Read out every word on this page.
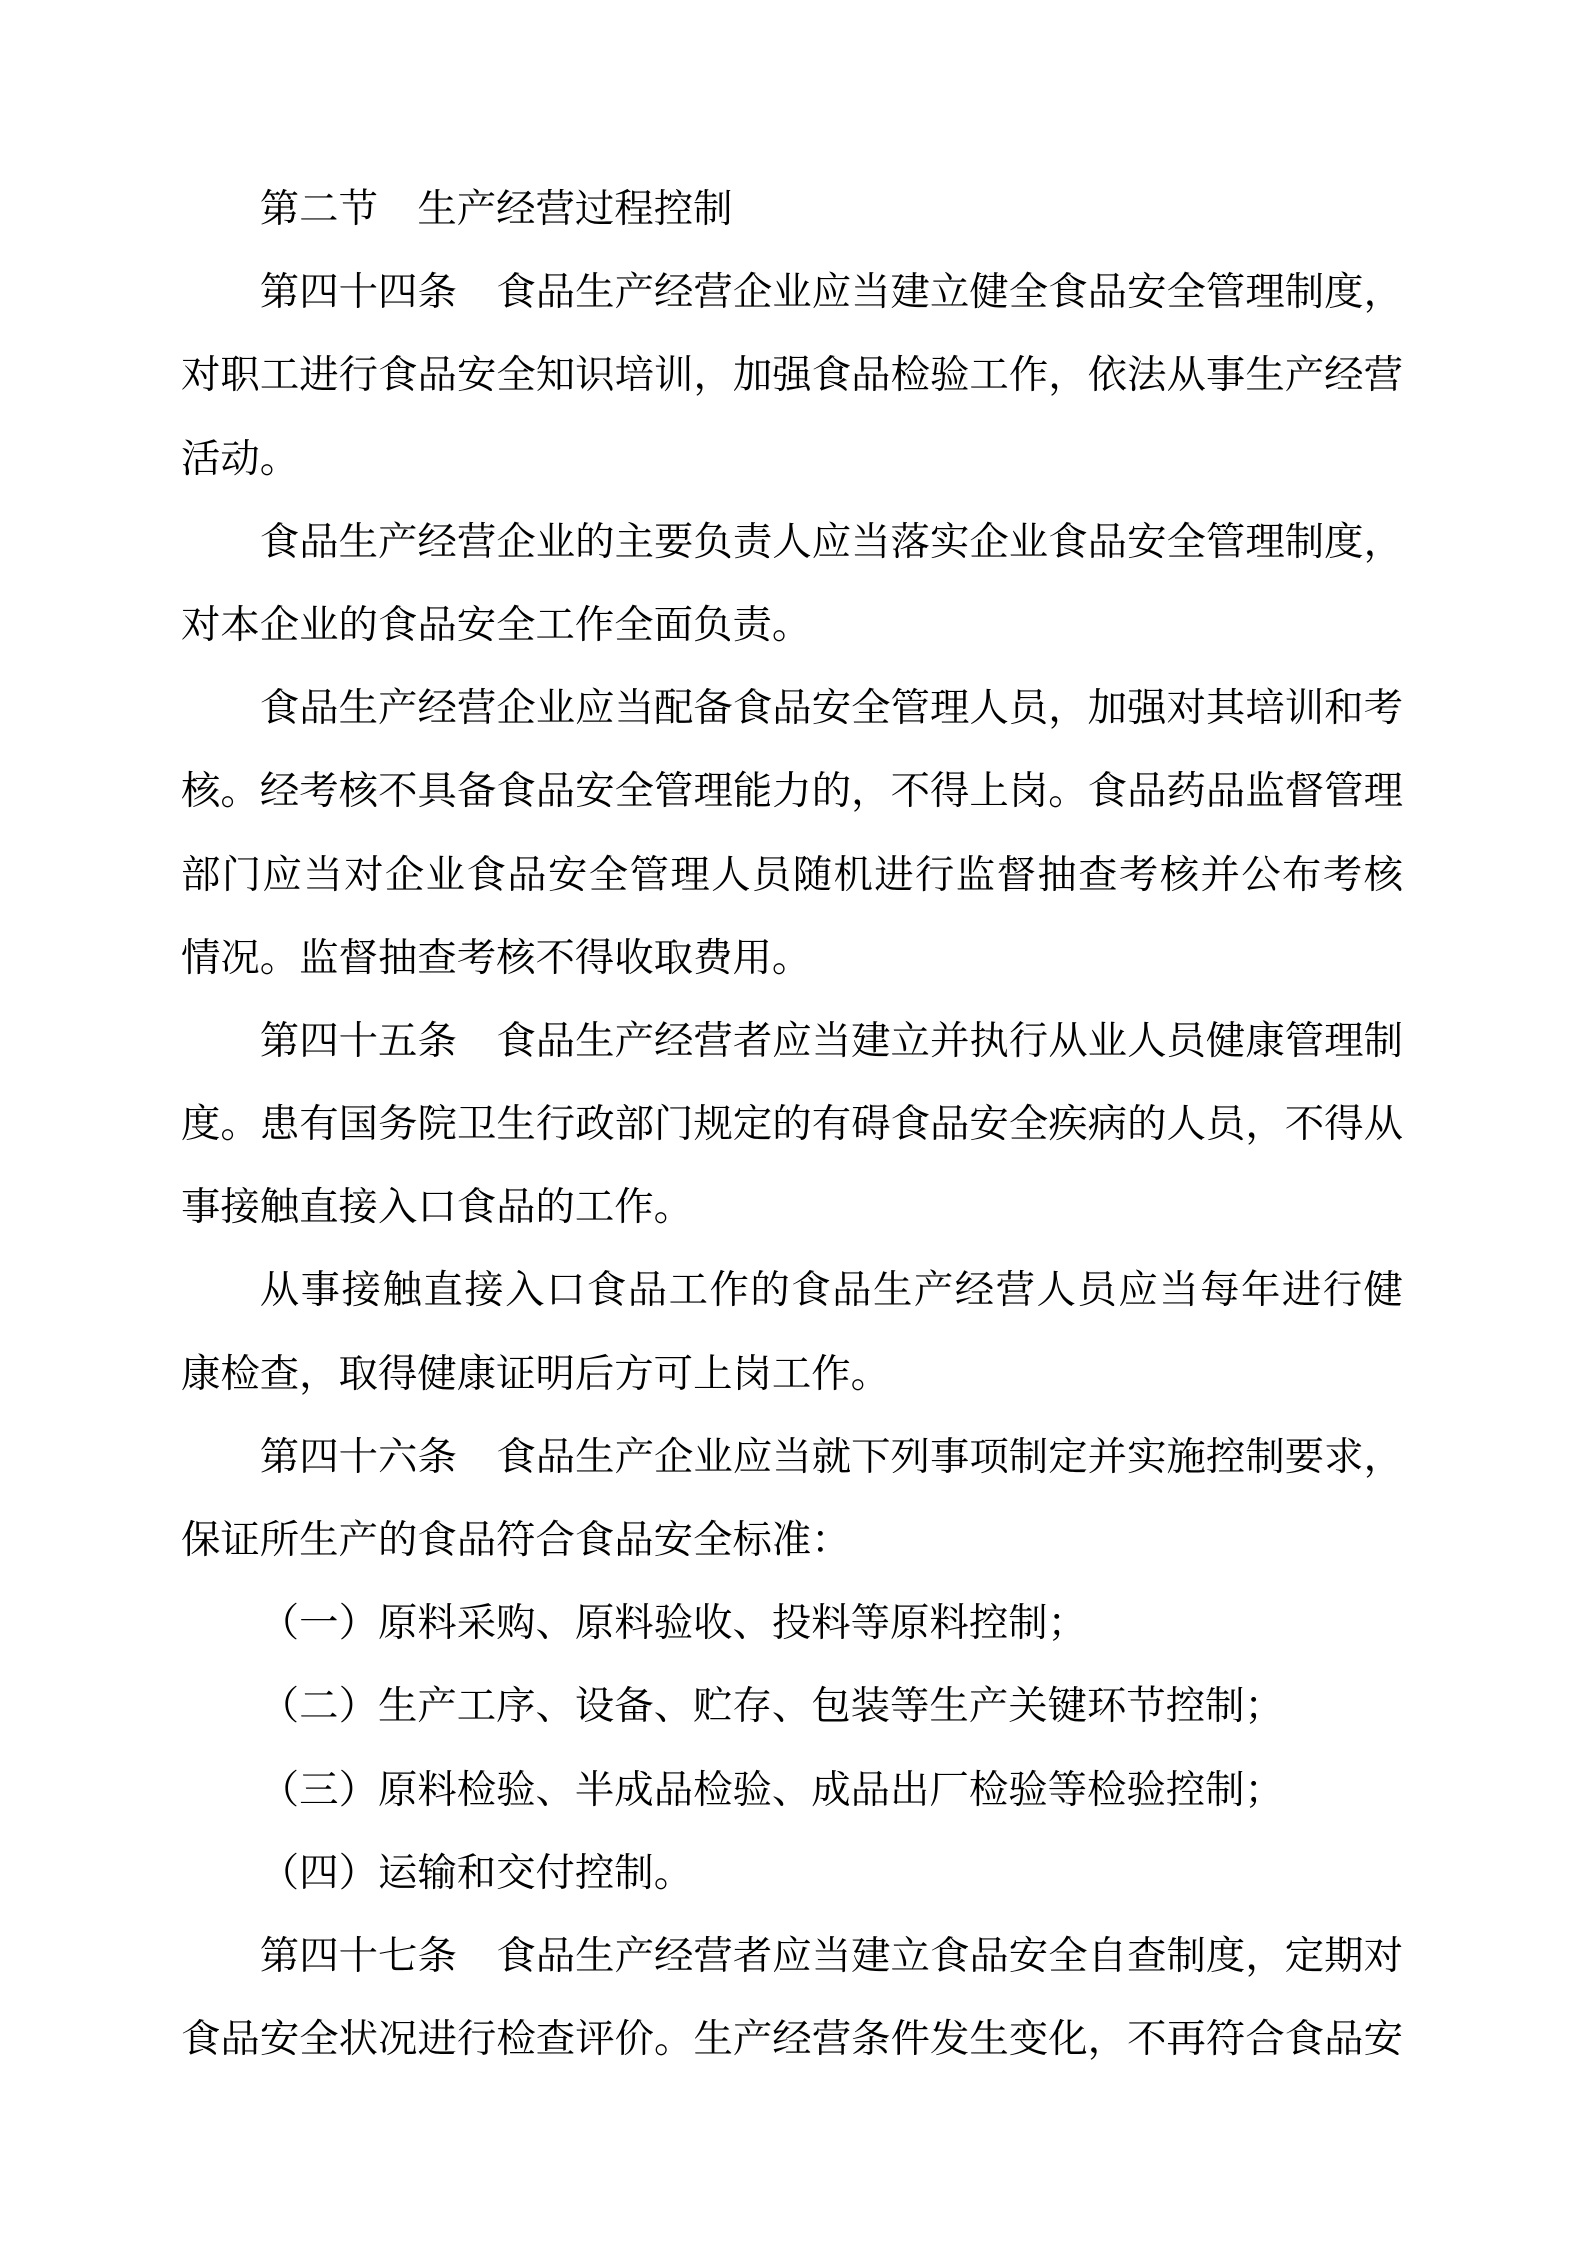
第二节　生产经营过程控制
第四十四条　食品生产经营企业应当建立健全食品安全管理制度，
对职工进行食品安全知识培训，加强食品检验工作，依法从事生产经营
活动。
食品生产经营企业的主要负责人应当落实企业食品安全管理制度，
对本企业的食品安全工作全面负责。
食品生产经营企业应当配备食品安全管理人员，加强对其培训和考
核。经考核不具备食品安全管理能力的，不得上岗。食品药品监督管理
部门应当对企业食品安全管理人员随机进行监督抽查考核并公布考核
情况。监督抽查考核不得收取费用。
第四十五条　食品生产经营者应当建立并执行从业人员健康管理制
度。患有国务院卫生行政部门规定的有碍食品安全疾病的人员，不得从
事接触直接入口食品的工作。
从事接触直接入口食品工作的食品生产经营人员应当每年进行健
康检查，取得健康证明后方可上岗工作。
第四十六条　食品生产企业应当就下列事项制定并实施控制要求，
保证所生产的食品符合食品安全标准：
（一）原料采购、原料验收、投料等原料控制；
（二）生产工序、设备、贮存、包装等生产关键环节控制；
（三）原料检验、半成品检验、成品出厂检验等检验控制；
（四）运输和交付控制。
第四十七条　食品生产经营者应当建立食品安全自查制度，定期对
食品安全状况进行检查评价。生产经营条件发生变化，不再符合食品安
